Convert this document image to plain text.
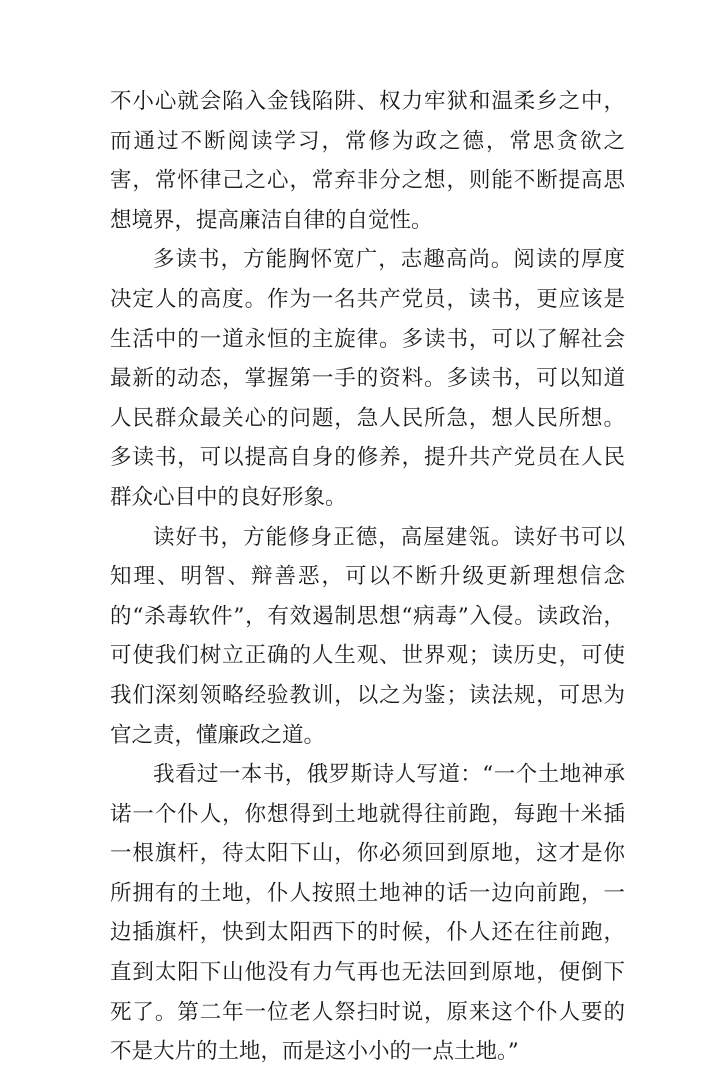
不小心就会陷入金钱陷阱、权力牢狱和温柔乡之中，而通过不断阅读学习，常修为政之德，常思贪欲之害，常怀律己之心，常弃非分之想，则能不断提高思想境界，提高廉洁自律的自觉性。

多读书，方能胸怀宽广，志趣高尚。阅读的厚度决定人的高度。作为一名共产党员，读书，更应该是生活中的一道永恒的主旋律。多读书，可以了解社会最新的动态，掌握第一手的资料。多读书，可以知道人民群众最关心的问题，急人民所急，想人民所想。多读书，可以提高自身的修养，提升共产党员在人民群众心目中的良好形象。

读好书，方能修身正德，高屋建瓴。读好书可以知理、明智、辩善恶，可以不断升级更新理想信念的“杀毒软件”，有效遏制思想“病毒”入侵。读政治，可使我们树立正确的人生观、世界观；读历史，可使我们深刻领略经验教训，以之为鉴；读法规，可思为官之责，懂廉政之道。

我看过一本书，俄罗斯诗人写道：“一个土地神承诺一个仆人，你想得到土地就得往前跑，每跑十米插一根旗杆，待太阳下山，你必须回到原地，这才是你所拥有的土地，仆人按照土地神的话一边向前跑，一边插旗杆，快到太阳西下的时候，仆人还在往前跑，直到太阳下山他没有力气再也无法回到原地，便倒下死了。第二年一位老人祭扫时说，原来这个仆人要的不是大片的土地，而是这小小的一点土地。”
